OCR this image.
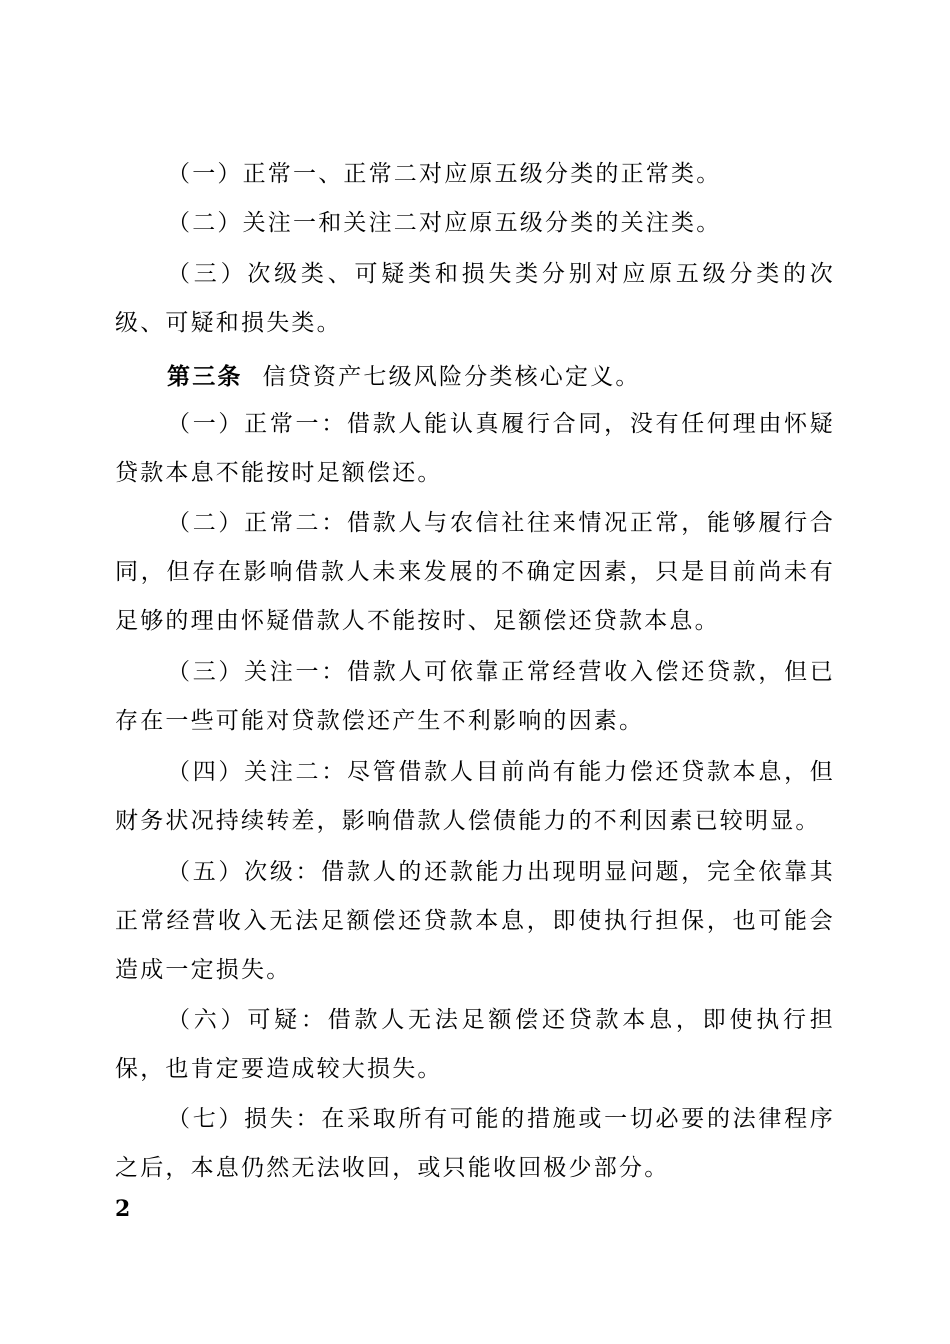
（一）正常一、正常二对应原五级分类的正常类。

（二）关注一和关注二对应原五级分类的关注类。

（三）次级类、可疑类和损失类分别对应原五级分类的次级、可疑和损失类。

第三条 信贷资产七级风险分类核心定义。

（一）正常一：借款人能认真履行合同，没有任何理由怀疑贷款本息不能按时足额偿还。

（二）正常二：借款人与农信社往来情况正常，能够履行合同，但存在影响借款人未来发展的不确定因素，只是目前尚未有足够的理由怀疑借款人不能按时、足额偿还贷款本息。

（三）关注一：借款人可依靠正常经营收入偿还贷款，但已存在一些可能对贷款偿还产生不利影响的因素。

（四）关注二：尽管借款人目前尚有能力偿还贷款本息，但财务状况持续转差，影响借款人偿债能力的不利因素已较明显。

（五）次级：借款人的还款能力出现明显问题，完全依靠其正常经营收入无法足额偿还贷款本息，即使执行担保，也可能会造成一定损失。

（六）可疑：借款人无法足额偿还贷款本息，即使执行担保，也肯定要造成较大损失。

（七）损失：在采取所有可能的措施或一切必要的法律程序之后，本息仍然无法收回，或只能收回极少部分。

2
